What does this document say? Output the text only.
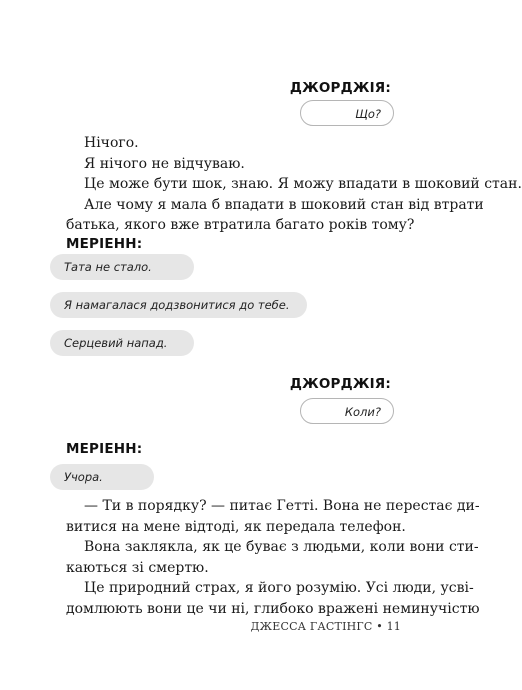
ДЖОРДЖІЯ:
Що?
Нічого.
Я нічого не відчуваю.
Це може бути шок, знаю. Я можу впадати в шоковий стан.
Але чому я мала б впадати в шоковий стан від втрати
батька, якого вже втратила багато років тому?
МЕРІЕНН:
Тата не стало.
Я намагалася додзвонитися до тебе.
Серцевий напад.
ДЖОРДЖІЯ:
Коли?
МЕРІЕНН:
Учора.
— Ти в порядку? — питає Гетті. Вона не перестає ди-
витися на мене відтоді, як передала телефон.
Вона заклякла, як це буває з людьми, коли вони сти-
каються зі смертю.
Це природний страх, я його розумію. Усі люди, усві-
домлюють вони це чи ні, глибоко вражені неминучістю
ДЖЕССА ГАСТІНГС • 11
